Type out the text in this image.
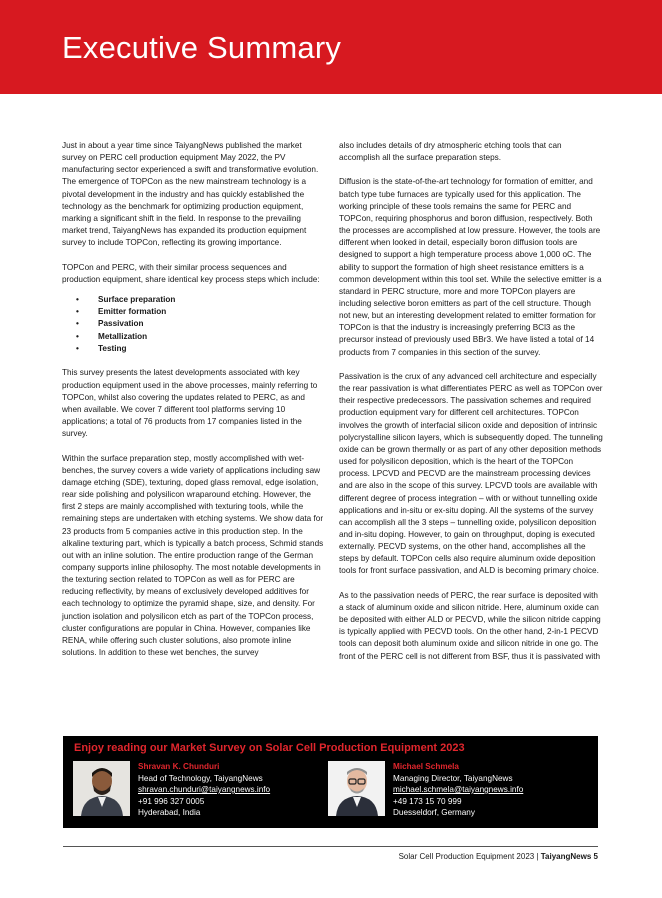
Executive Summary

Just in about a year time since TaiyangNews published the market survey on PERC cell production equipment May 2022, the PV manufacturing sector experienced a swift and transformative evolution.

The emergence of TOPCon as the new mainstream technology is a pivotal development in the industry and has quickly established the technology as the benchmark for optimizing production equipment, marking a significant shift in the field. In response to the prevailing market trend, TaiyangNews has expanded its production equipment survey to include TOPCon, reflecting its growing importance.

TOPCon and PERC, with their similar process sequences and production equipment, share identical key process steps which include:

• Surface preparation
• Emitter formation
• Passivation
• Metallization
• Testing

This survey presents the latest developments associated with key production equipment used in the above processes, mainly referring to TOPCon, whilst also covering the updates related to PERC, as and when available. We cover 7 different tool platforms serving 10 applications; a total of 76 products from 17 companies listed in the survey.

Within the surface preparation step, mostly accomplished with wet-benches, the survey covers a wide variety of applications including saw damage etching (SDE), texturing, doped glass removal, edge isolation, rear side polishing and polysilicon wraparound etching. However, the first 2 steps are mainly accomplished with texturing tools, while the remaining steps are undertaken with etching systems. We show data for 23 products from 5 companies active in this production step. In the alkaline texturing part, which is typically a batch process, Schmid stands out with an inline solution. The entire production range of the German company supports inline philosophy. The most notable developments in the texturing section related to TOPCon as well as for PERC are reducing reflectivity, by means of exclusively developed additives for each technology to optimize the pyramid shape, size, and density. For junction isolation and polysilicon etch as part of the TOPCon process, cluster configurations are popular in China. However, companies like RENA, while offering such cluster solutions, also promote inline solutions. In addition to these wet benches, the survey

also includes details of dry atmospheric etching tools that can accomplish all the surface preparation steps.

Diffusion is the state-of-the-art technology for formation of emitter, and batch type tube furnaces are typically used for this application. The working principle of these tools remains the same for PERC and TOPCon, requiring phosphorus and boron diffusion, respectively. Both the processes are accomplished at low pressure. However, the tools are different when looked in detail, especially boron diffusion tools are designed to support a high temperature process above 1,000 oC. The ability to support the formation of high sheet resistance emitters is a common development within this tool set. While the selective emitter is a standard in PERC structure, more and more TOPCon players are including selective boron emitters as part of the cell structure. Though not new, but an interesting development related to emitter formation for TOPCon is that the industry is increasingly preferring BCl3 as the precursor instead of previously used BBr3. We have listed a total of 14 products from 7 companies in this section of the survey.

Passivation is the crux of any advanced cell architecture and especially the rear passivation is what differentiates PERC as well as TOPCon over their respective predecessors. The passivation schemes and required production equipment vary for different cell architectures. TOPCon involves the growth of interfacial silicon oxide and deposition of intrinsic polycrystalline silicon layers, which is subsequently doped. The tunneling oxide can be grown thermally or as part of any other deposition methods used for polysilicon deposition, which is the heart of the TOPCon process. LPCVD and PECVD are the mainstream processing devices and are also in the scope of this survey. LPCVD tools are available with different degree of process integration – with or without tunnelling oxide applications and in-situ or ex-situ doping. All the systems of the survey can accomplish all the 3 steps – tunnelling oxide, polysilicon deposition and in-situ doping. However, to gain on throughput, doping is executed externally. PECVD systems, on the other hand, accomplishes all the steps by default. TOPCon cells also require aluminum oxide deposition tools for front surface passivation, and ALD is becoming primary choice.

As to the passivation needs of PERC, the rear surface is deposited with a stack of aluminum oxide and silicon nitride. Here, aluminum oxide can be deposited with either ALD or PECVD, while the silicon nitride capping is typically applied with PECVD tools. On the other hand, 2-in-1 PECVD tools can deposit both aluminum oxide and silicon nitride in one go. The front of the PERC cell is not different from BSF, thus it is passivated with

Enjoy reading our Market Survey on Solar Cell Production Equipment 2023
Shravan K. Chunduri
Head of Technology, TaiyangNews
shravan.chunduri@taiyangnews.info
+91 996 327 0005
Hyderabad, India
Michael Schmela
Managing Director, TaiyangNews
michael.schmela@taiyangnews.info
+49 173 15 70 999
Duesseldorf, Germany
Solar Cell Production Equipment 2023 | TaiyangNews 5
